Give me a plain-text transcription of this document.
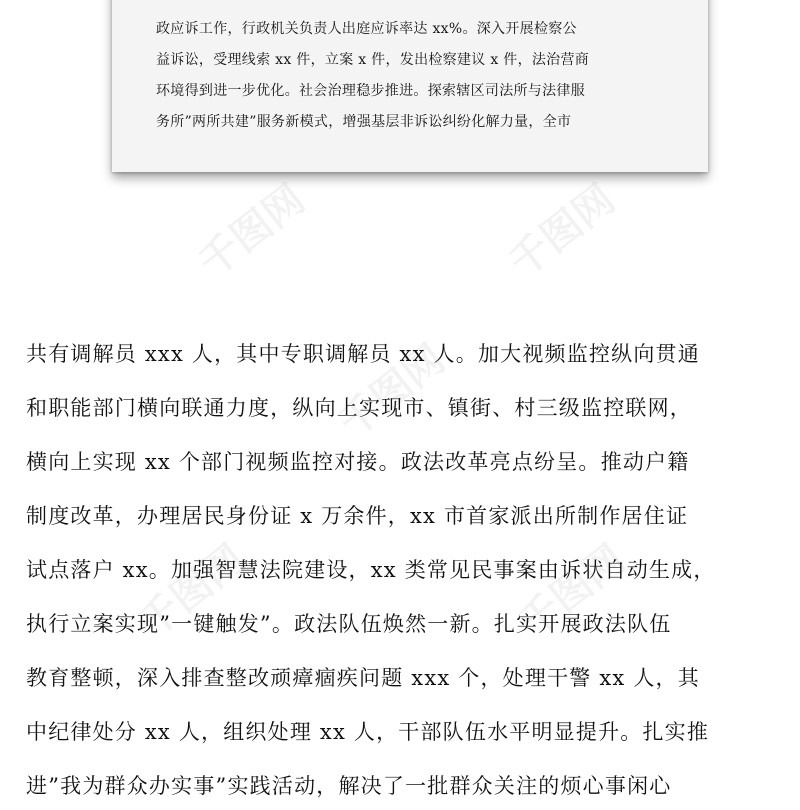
千图网	千图网
千图网
千图网	千图网
政应诉工作，行政机关负责人出庭应诉率达 xx%。深入开展检察公
益诉讼，受理线索 xx 件，立案 x 件，发出检察建议 x 件，法治营商
环境得到进一步优化。社会治理稳步推进。探索辖区司法所与法律服
务所”两所共建”服务新模式，增强基层非诉讼纠纷化解力量，全市
共有调解员 xxx 人，其中专职调解员 xx 人。加大视频监控纵向贯通
和职能部门横向联通力度，纵向上实现市、镇街、村三级监控联网，
横向上实现 xx 个部门视频监控对接。政法改革亮点纷呈。推动户籍
制度改革，办理居民身份证 x 万余件，xx 市首家派出所制作居住证
试点落户 xx。加强智慧法院建设，xx 类常见民事案由诉状自动生成，
执行立案实现”一键触发”。政法队伍焕然一新。扎实开展政法队伍
教育整顿，深入排查整改顽瘴痼疾问题 xxx 个，处理干警 xx 人，其
中纪律处分 xx 人，组织处理 xx 人，干部队伍水平明显提升。扎实推
进”我为群众办实事”实践活动，解决了一批群众关注的烦心事闲心
